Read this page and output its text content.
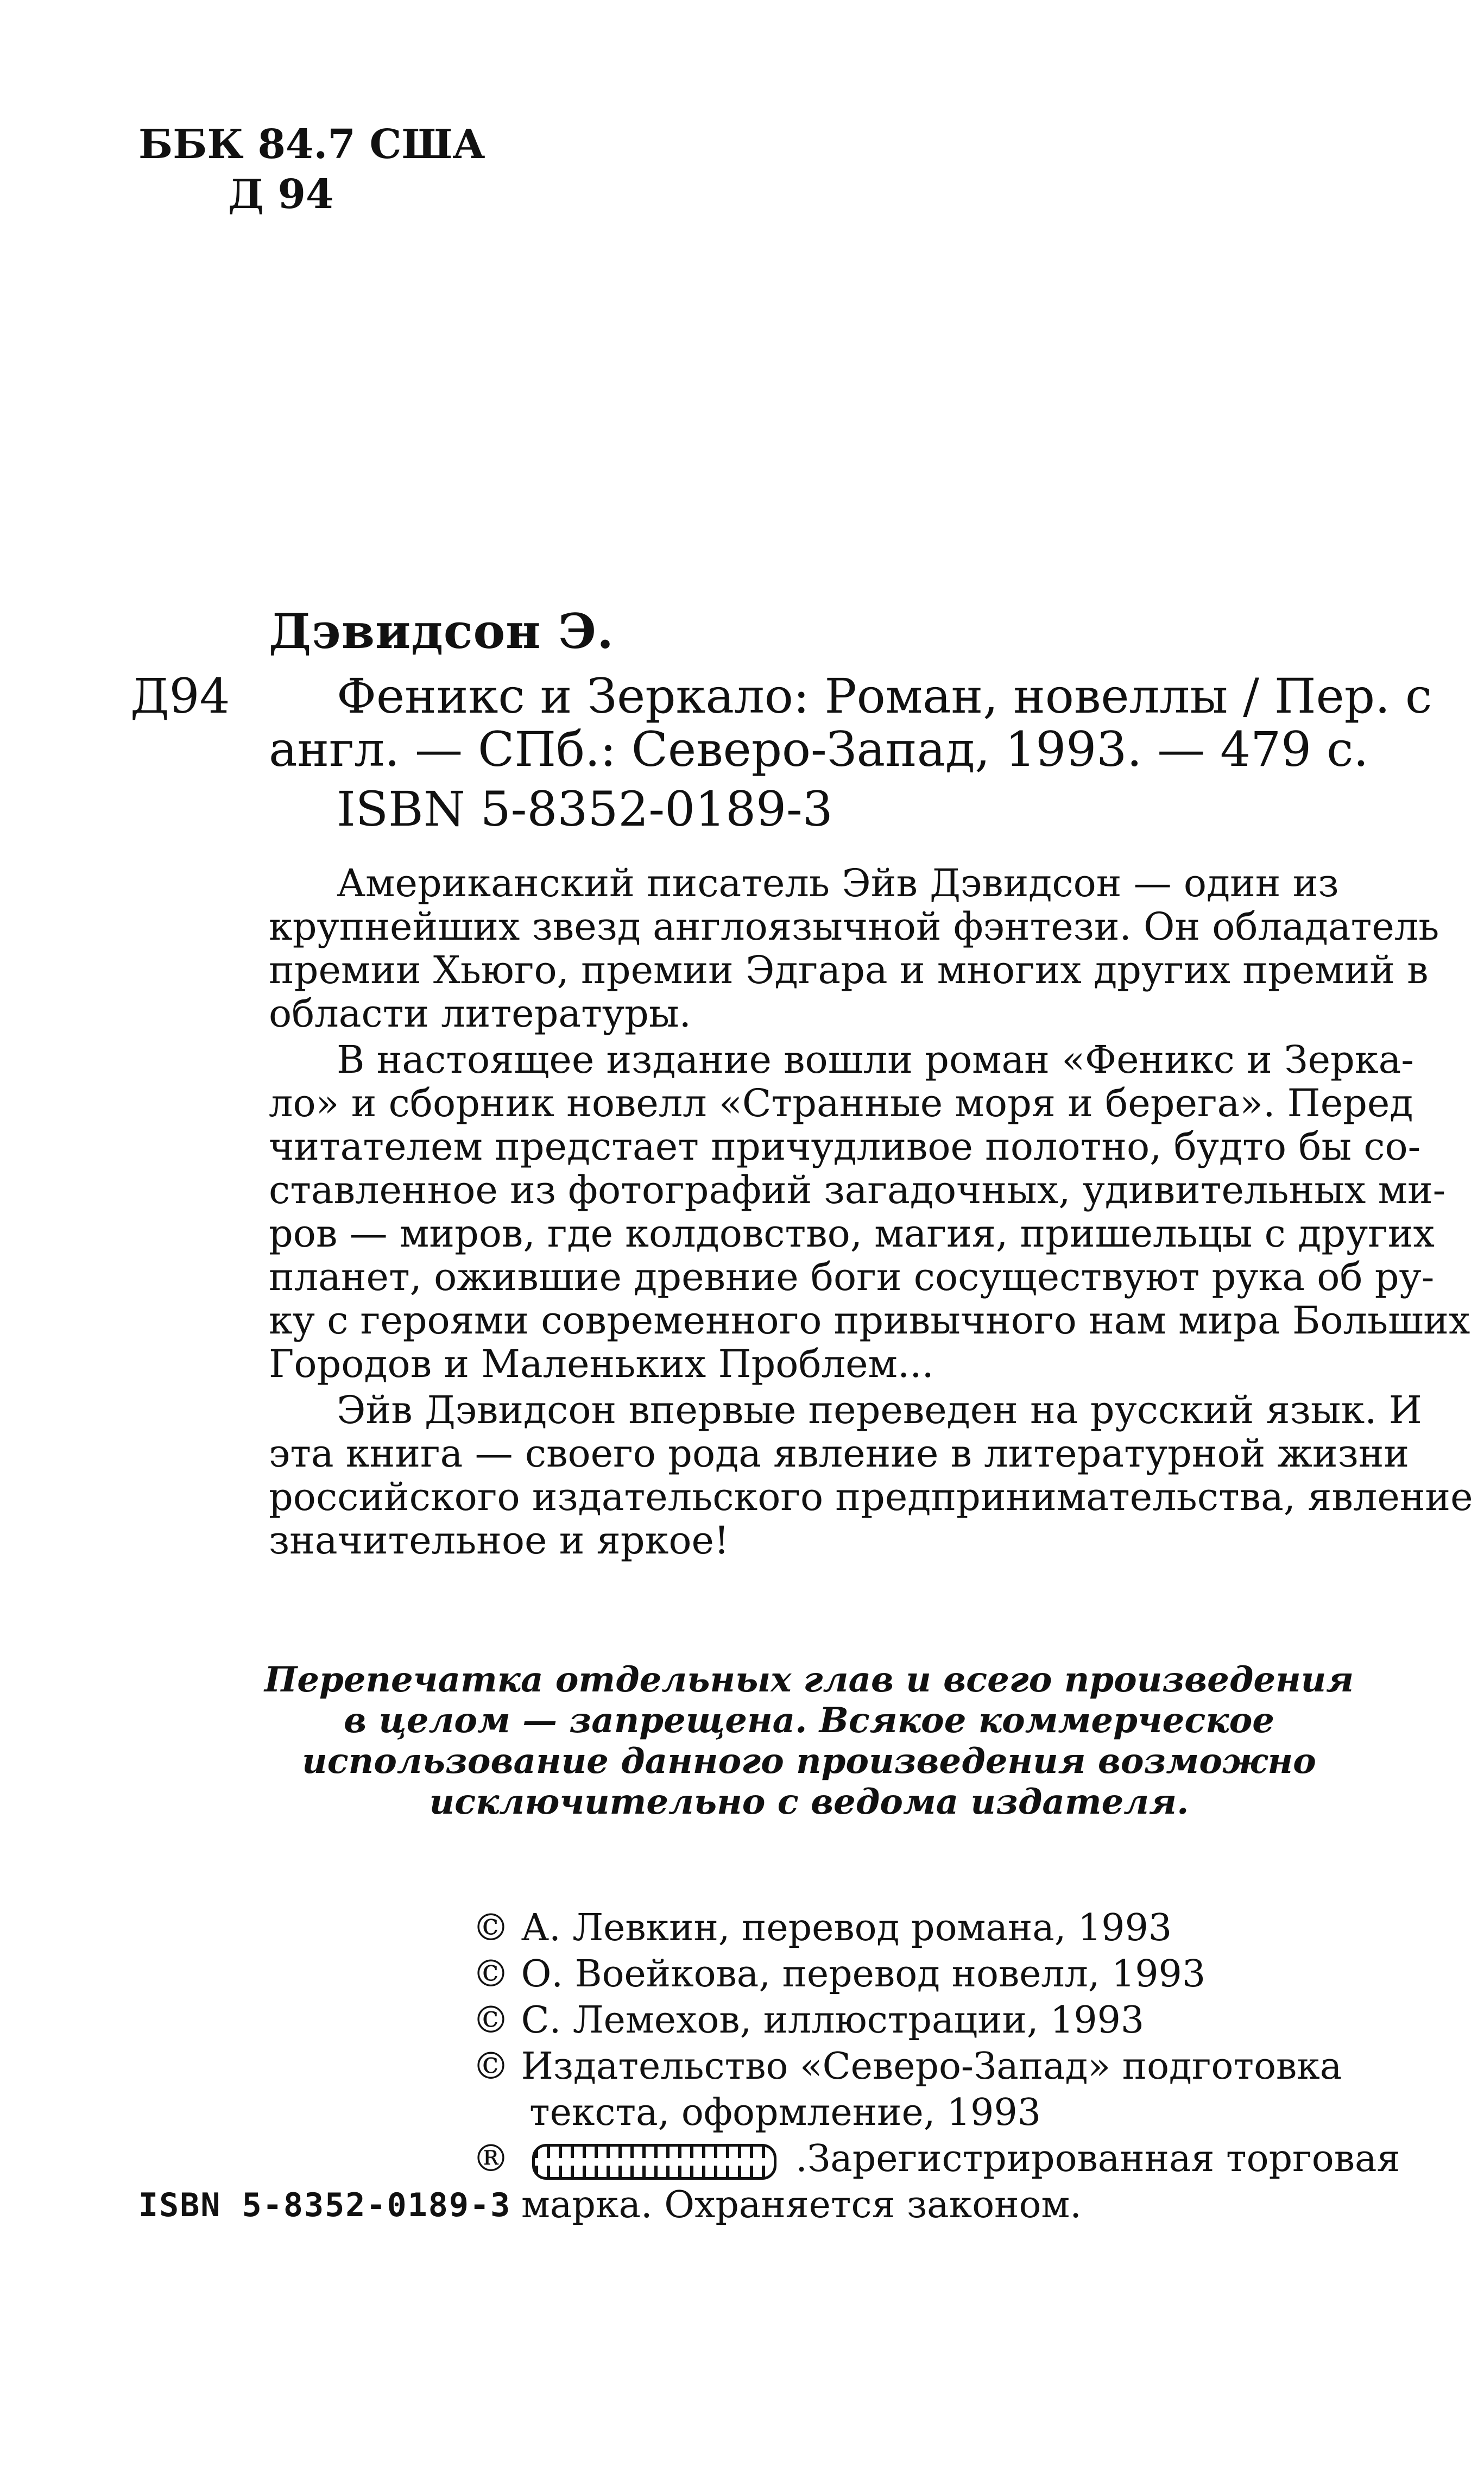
ББК 84.7 США
Д 94
Дэвидсон Э.
Д94 Феникс и Зеркало: Роман, новеллы / Пер. с
англ. — СПб.: Северо-Запад, 1993. — 479 с.
ISBN 5-8352-0189-3
Американский писатель Эйв Дэвидсон — один из
крупнейших звезд англоязычной фэнтези. Он обладатель
премии Хьюго, премии Эдгара и многих других премий в
области литературы.
В настоящее издание вошли роман «Феникс и Зерка-
ло» и сборник новелл «Странные моря и берега». Перед
читателем предстает причудливое полотно, будто бы со-
ставленное из фотографий загадочных, удивительных ми-
ров — миров, где колдовство, магия, пришельцы с других
планет, ожившие древние боги сосуществуют рука об ру-
ку с героями современного привычного нам мира Больших
Городов и Маленьких Проблем...
Эйв Дэвидсон впервые переведен на русский язык. И
эта книга — своего рода явление в литературной жизни
российского издательского предпринимательства, явление
значительное и яркое!
Перепечатка отдельных глав и всего произведения
в целом — запрещена. Всякое коммерческое
использование данного произведения возможно
исключительно с ведома издателя.
© А. Левкин, перевод романа, 1993
© О. Воейкова, перевод новелл, 1993
© С. Лемехов, иллюстрации, 1993
© Издательство «Северо-Запад» подготовка
текста, оформление, 1993
®	.Зарегистрированная торговая
марка. Охраняется законом.
ISBN 5-8352-0189-3
